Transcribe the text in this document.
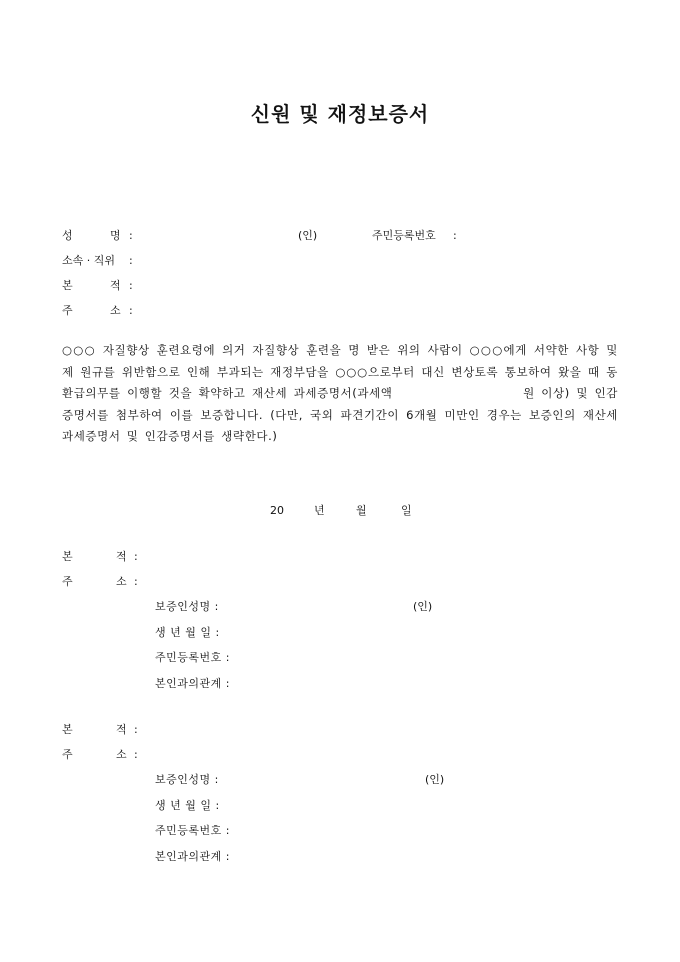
신원 및 재정보증서
성	명 :	(인)	주민등록번호 :
소속 · 직위 :
본	적 :
주	소 :
○○○ 자질향상 훈련요령에 의거 자질향상 훈련을 명 받은 위의 사람이 ○○○에게 서약한 사항 및 제 원규를 위반함으로 인해 부과되는 재정부담을 ○○○으로부터 대신 변상토록 통보하여 왔을 때 동 환급의무를 이행할 것을 확약하고 재산세 과세증명서(과세액	원 이상) 및 인감증명서를 첨부하여 이를 보증합니다. (다만, 국외 파견기간이 6개월 미만인 경우는 보증인의 재산세 과세증명서 및 인감증명서를 생략한다.)
20	년	월	일
본	적 :
주	소 :
보증인성명 :	(인)
생 년 월 일 :
주민등록번호 :
본인과의관계 :
본	적 :
주	소 :
보증인성명 :	(인)
생 년 월 일 :
주민등록번호 :
본인과의관계 :
